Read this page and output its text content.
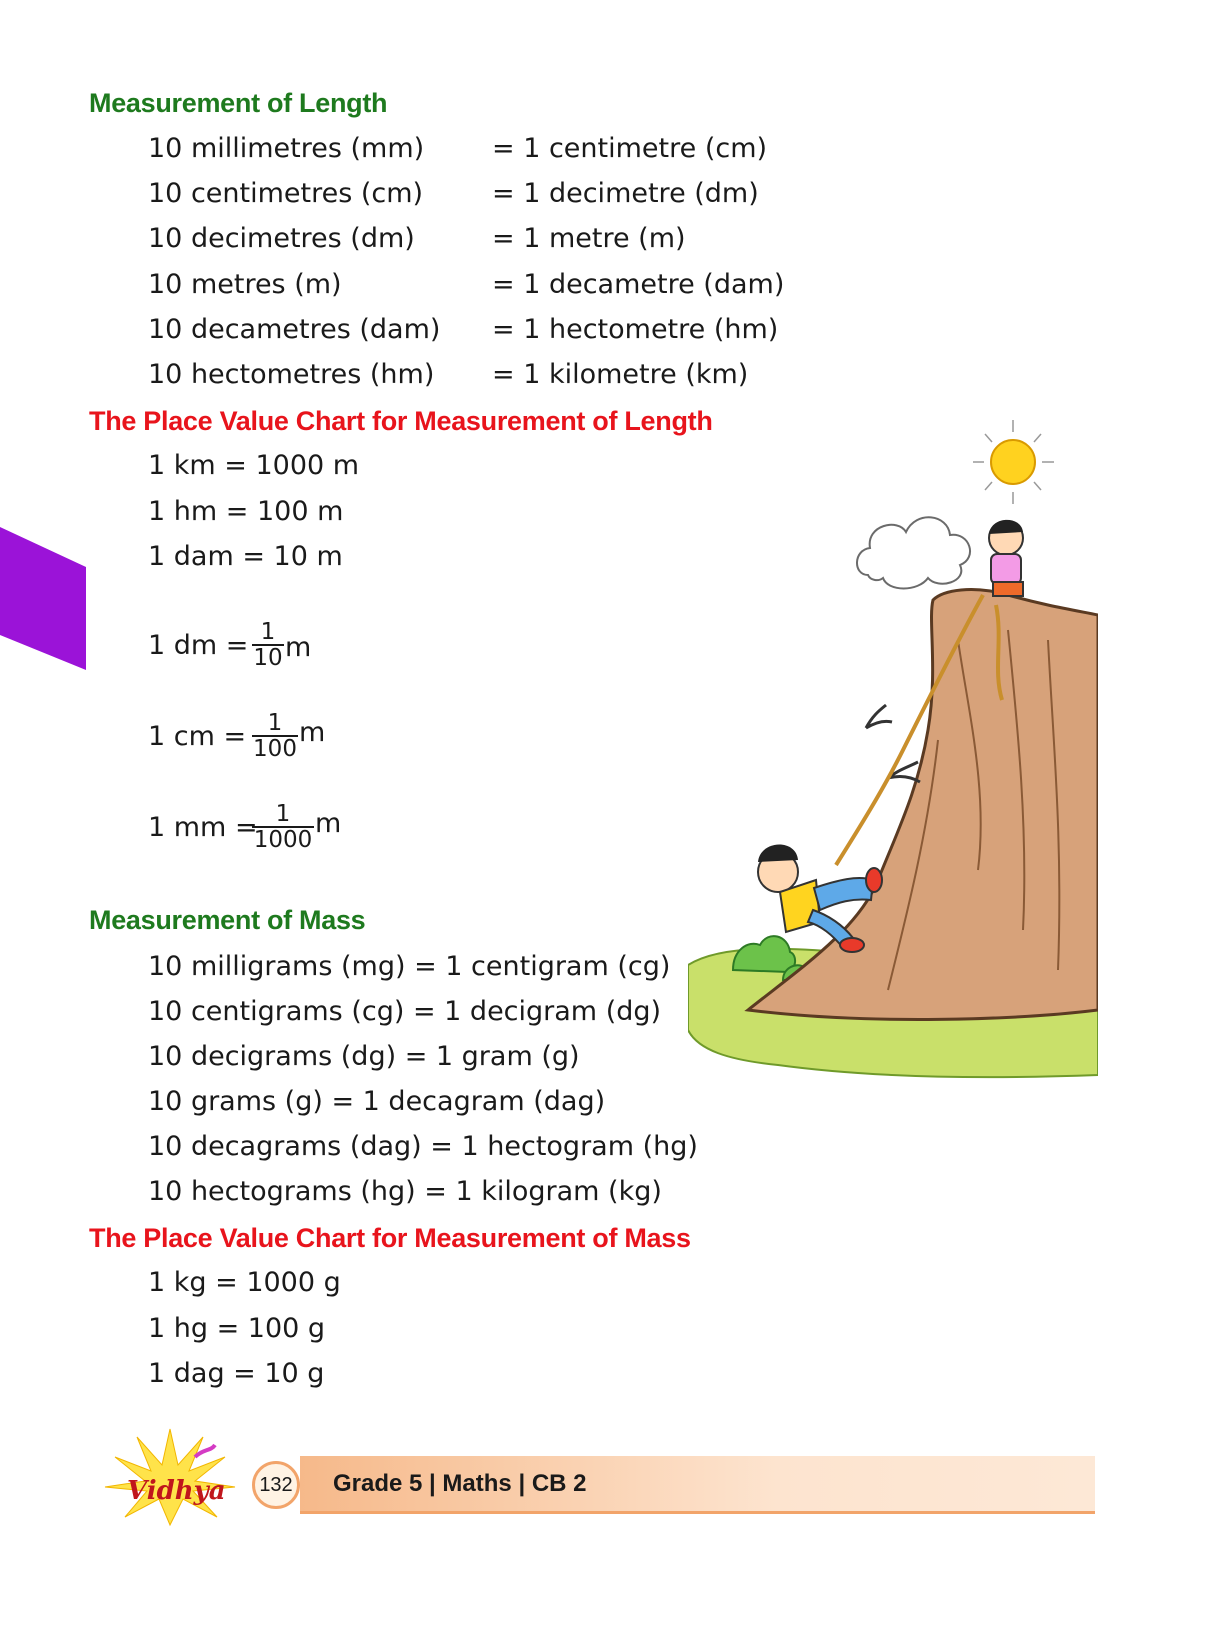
Measurement of Length
10 millimetres (mm)	= 1 centimetre (cm)
10 centimetres (cm)	= 1 decimetre (dm)
10 decimetres (dm)	= 1 metre (m)
10 metres (m)	= 1 decametre (dam)
10 decametres (dam) = 1 hectometre (hm)
10 hectometres (hm) = 1 kilometre (km)
The Place Value Chart for Measurement of Length
1 km = 1000 m
1 hm = 100 m
1 dam = 10 m
1 dm = 1
10 m
1 cm = 1
100
m
1 mm = 1
1000
m
Measurement of Mass
10 milligrams (mg) = 1 centigram (cg)
10 centigrams (cg) = 1 decigram (dg)
10 decigrams (dg) = 1 gram (g)
10 grams (g) = 1 decagram (dag)
10 decagrams (dag) = 1 hectogram (hg)
10 hectograms (hg) = 1 kilogram (kg)
The Place Value Chart for Measurement of Mass
1 kg = 1000 g
1 hg = 100 g
1 dag = 10 g
132	Grade 5 | Maths | CB 2
Vidhya
